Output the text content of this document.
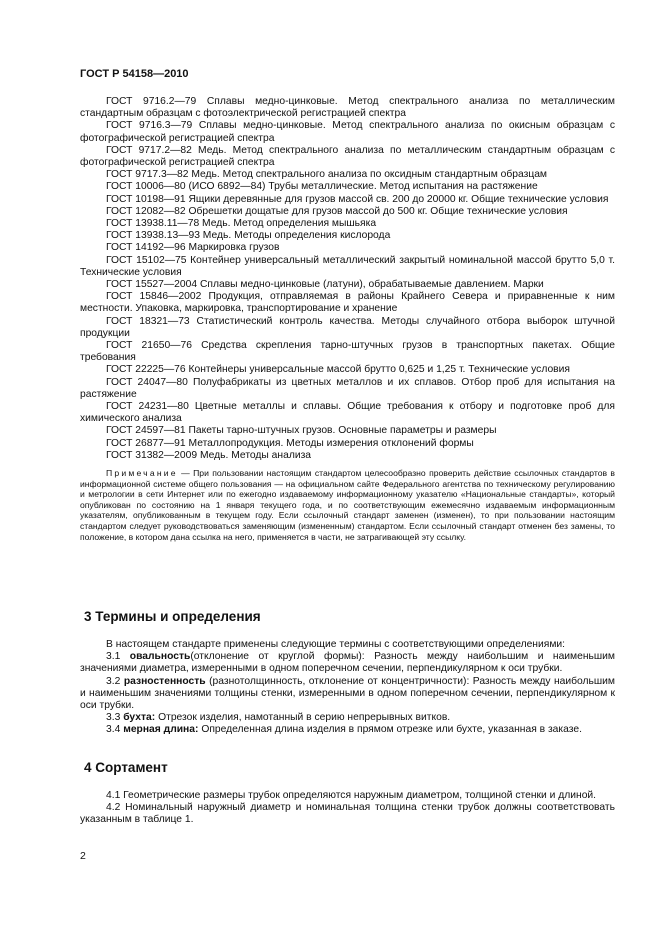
ГОСТ Р 54158—2010

ГОСТ 9716.2—79 Сплавы медно-цинковые. Метод спектрального анализа по металлическим стандартным образцам с фотоэлектрической регистрацией спектра

ГОСТ 9716.3—79 Сплавы медно-цинковые. Метод спектрального анализа по окисным образцам с фотографической регистрацией спектра

ГОСТ 9717.2—82 Медь. Метод спектрального анализа по металлическим стандартным образцам с фотографической регистрацией спектра

ГОСТ 9717.3—82 Медь. Метод спектрального анализа по оксидным стандартным образцам

ГОСТ 10006—80 (ИСО 6892—84) Трубы металлические. Метод испытания на растяжение

ГОСТ 10198—91 Ящики деревянные для грузов массой св. 200 до 20000 кг. Общие технические условия

ГОСТ 12082—82 Обрешетки дощатые для грузов массой до 500 кг. Общие технические условия

ГОСТ 13938.11—78 Медь. Метод определения мышьяка

ГОСТ 13938.13—93 Медь. Методы определения кислорода

ГОСТ 14192—96 Маркировка грузов

ГОСТ 15102—75 Контейнер универсальный металлический закрытый номинальной массой брутто 5,0 т. Технические условия

ГОСТ 15527—2004 Сплавы медно-цинковые (латуни), обрабатываемые давлением. Марки

ГОСТ 15846—2002 Продукция, отправляемая в районы Крайнего Севера и приравненные к ним местности. Упаковка, маркировка, транспортирование и хранение

ГОСТ 18321—73 Статистический контроль качества. Методы случайного отбора выборок штучной продукции

ГОСТ 21650—76 Средства скрепления тарно-штучных грузов в транспортных пакетах. Общие требования

ГОСТ 22225—76 Контейнеры универсальные массой брутто 0,625 и 1,25 т. Технические условия

ГОСТ 24047—80 Полуфабрикаты из цветных металлов и их сплавов. Отбор проб для испытания на растяжение

ГОСТ 24231—80 Цветные металлы и сплавы. Общие требования к отбору и подготовке проб для химического анализа

ГОСТ 24597—81 Пакеты тарно-штучных грузов. Основные параметры и размеры

ГОСТ 26877—91 Металлопродукция. Методы измерения отклонений формы

ГОСТ 31382—2009 Медь. Методы анализа

Примечание — При пользовании настоящим стандартом целесообразно проверить действие ссылочных стандартов в информационной системе общего пользования — на официальном сайте Федерального агентства по техническому регулированию и метрологии в сети Интернет или по ежегодно издаваемому информационному указателю «Национальные стандарты», который опубликован по состоянию на 1 января текущего года, и по соответствующим ежемесячно издаваемым информационным указателям, опубликованным в текущем году. Если ссылочный стандарт заменен (изменен), то при пользовании настоящим стандартом следует руководствоваться заменяющим (измененным) стандартом. Если ссылочный стандарт отменен без замены, то положение, в котором дана ссылка на него, применяется в части, не затрагивающей эту ссылку.

3 Термины и определения

В настоящем стандарте применены следующие термины с соответствующими определениями:

3.1 овальность(отклонение от круглой формы): Разность между наибольшим и наименьшим значениями диаметра, измеренными в одном поперечном сечении, перпендикулярном к оси трубки.

3.2 разностенность (разнотолщинность, отклонение от концентричности): Разность между наибольшим и наименьшим значениями толщины стенки, измеренными в одном поперечном сечении, перпендикулярном к оси трубки.

3.3 бухта: Отрезок изделия, намотанный в серию непрерывных витков.

3.4 мерная длина: Определенная длина изделия в прямом отрезке или бухте, указанная в заказе.

4 Сортамент

4.1 Геометрические размеры трубок определяются наружным диаметром, толщиной стенки и длиной.

4.2 Номинальный наружный диаметр и номинальная толщина стенки трубок должны соответствовать указанным в таблице 1.

2
